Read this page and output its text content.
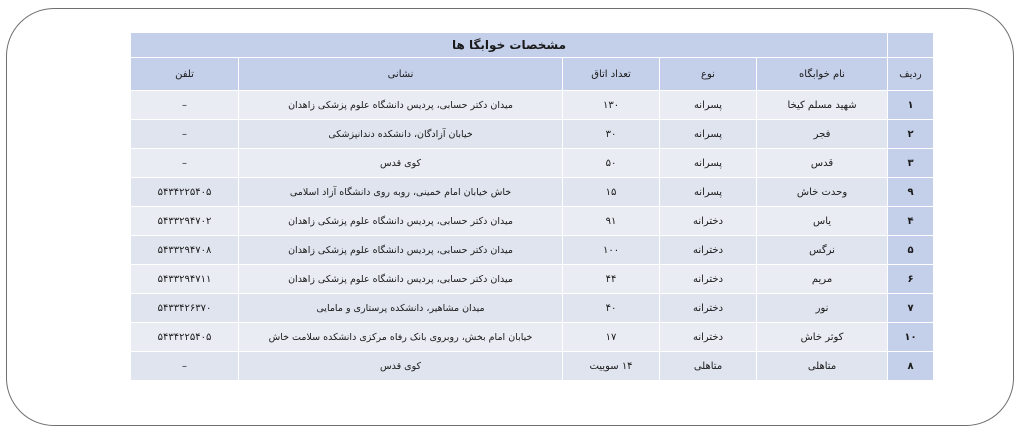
	مشخصات خوابگا ها				
ردیف	نام خوابگاه	نوع	تعداد اتاق	نشانی	تلفن
۱	شهید مسلم کیخا	پسرانه	۱۳۰	میدان دکتر حسابی، پردیس دانشگاه علوم پزشکی زاهدان	–
۲	فجر	پسرانه	۳۰	خیابان آزادگان، دانشکده دندانپزشکی	–
۳	قدس	پسرانه	۵۰	کوی قدس	–
۹	وحدت خاش	پسرانه	۱۵	خاش خیابان امام خمینی، روبه روی دانشگاه آزاد اسلامی	۵۴۳۴۲۲۵۴۰۵
۴	یاس	دخترانه	۹۱	میدان دکتر حسابی، پردیس دانشگاه علوم پزشکی زاهدان	۵۴۳۳۲۹۴۷۰۲
۵	نرگس	دخترانه	۱۰۰	میدان دکتر حسابی، پردیس دانشگاه علوم پزشکی زاهدان	۵۴۳۳۲۹۴۷۰۸
۶	مریم	دخترانه	۴۴	میدان دکتر حسابی، پردیس دانشگاه علوم پزشکی زاهدان	۵۴۳۳۲۹۴۷۱۱
۷	نور	دخترانه	۴۰	میدان مشاهیر، دانشکده پرستاری و مامایی	۵۴۳۳۴۲۶۳۷۰
۱۰	کوثر خاش	دخترانه	۱۷	خیابان امام بخش، روبروی بانک رفاه مرکزی دانشکده سلامت خاش	۵۴۳۴۲۲۵۴۰۵
۸	متاهلی	متاهلی	۱۴ سوییت	کوی قدس	–
